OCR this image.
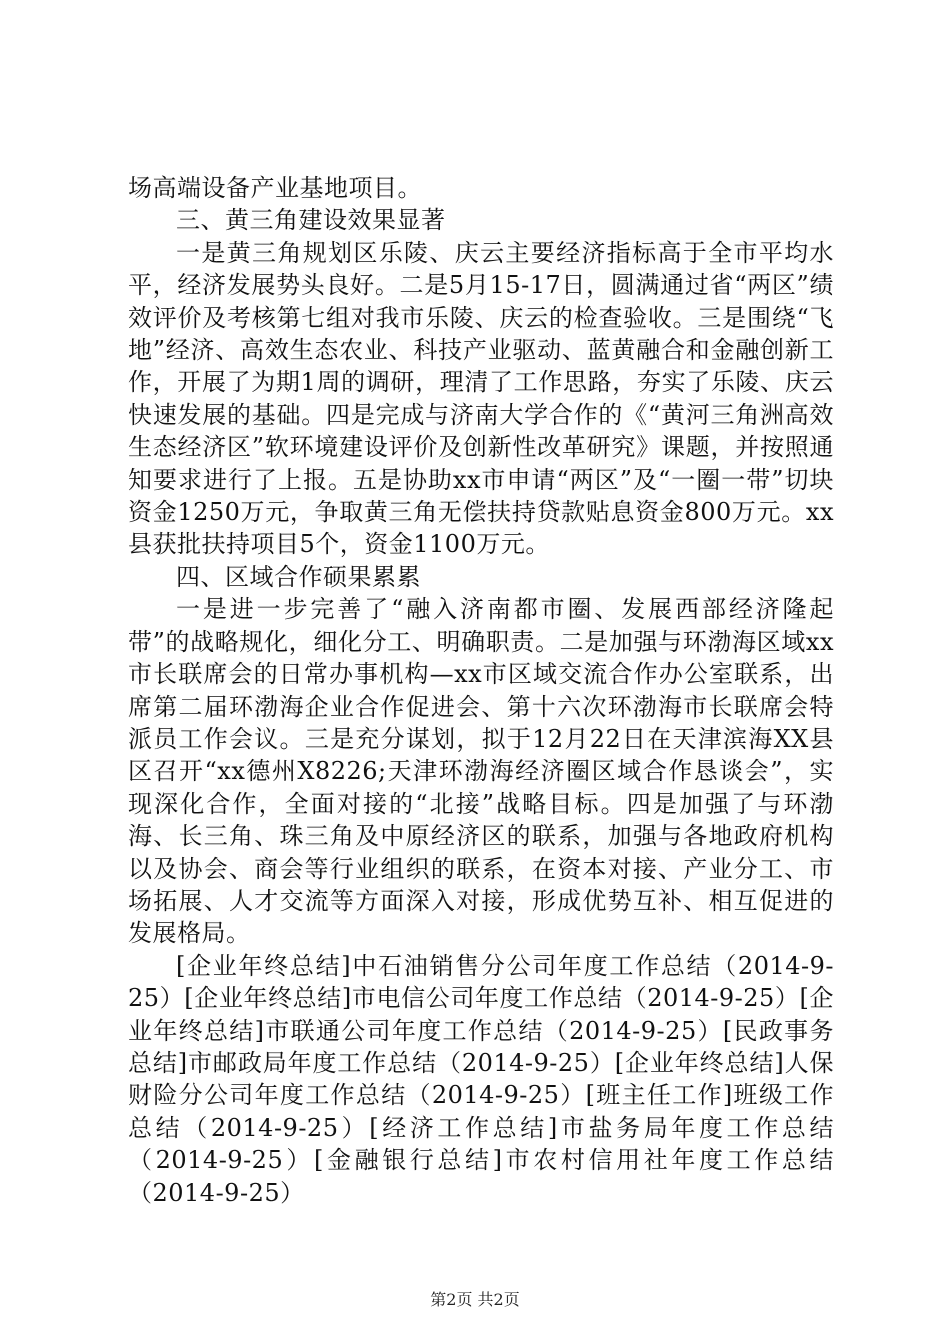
场高端设备产业基地项目。

三、黄三角建设效果显著

一是黄三角规划区乐陵、庆云主要经济指标高于全市平均水平，经济发展势头良好。二是5月15-17日，圆满通过省“两区”绩效评价及考核第七组对我市乐陵、庆云的检查验收。三是围绕“飞地”经济、高效生态农业、科技产业驱动、蓝黄融合和金融创新工作，开展了为期1周的调研，理清了工作思路，夯实了乐陵、庆云快速发展的基础。四是完成与济南大学合作的《“黄河三角洲高效生态经济区”软环境建设评价及创新性改革研究》课题，并按照通知要求进行了上报。五是协助xx市申请“两区”及“一圈一带”切块资金1250万元，争取黄三角无偿扶持贷款贴息资金800万元。xx县获批扶持项目5个，资金1100万元。

四、区域合作硕果累累

一是进一步完善了“融入济南都市圈、发展西部经济隆起带”的战略规化，细化分工、明确职责。二是加强与环渤海区域xx市长联席会的日常办事机构—xx市区域交流合作办公室联系，出席第二届环渤海企业合作促进会、第十六次环渤海市长联席会特派员工作会议。三是充分谋划，拟于12月22日在天津滨海XX县区召开“xx德州X8226;天津环渤海经济圈区域合作恳谈会”，实现深化合作，全面对接的“北接”战略目标。四是加强了与环渤海、长三角、珠三角及中原经济区的联系，加强与各地政府机构以及协会、商会等行业组织的联系，在资本对接、产业分工、市场拓展、人才交流等方面深入对接，形成优势互补、相互促进的发展格局。

[企业年终总结]中石油销售分公司年度工作总结（2014-9-25）[企业年终总结]市电信公司年度工作总结（2014-9-25）[企业年终总结]市联通公司年度工作总结（2014-9-25）[民政事务总结]市邮政局年度工作总结（2014-9-25）[企业年终总结]人保财险分公司年度工作总结（2014-9-25）[班主任工作]班级工作总结（2014-9-25）[经济工作总结]市盐务局年度工作总结（2014-9-25）[金融银行总结]市农村信用社年度工作总结（2014-9-25）

第2页 共2页
